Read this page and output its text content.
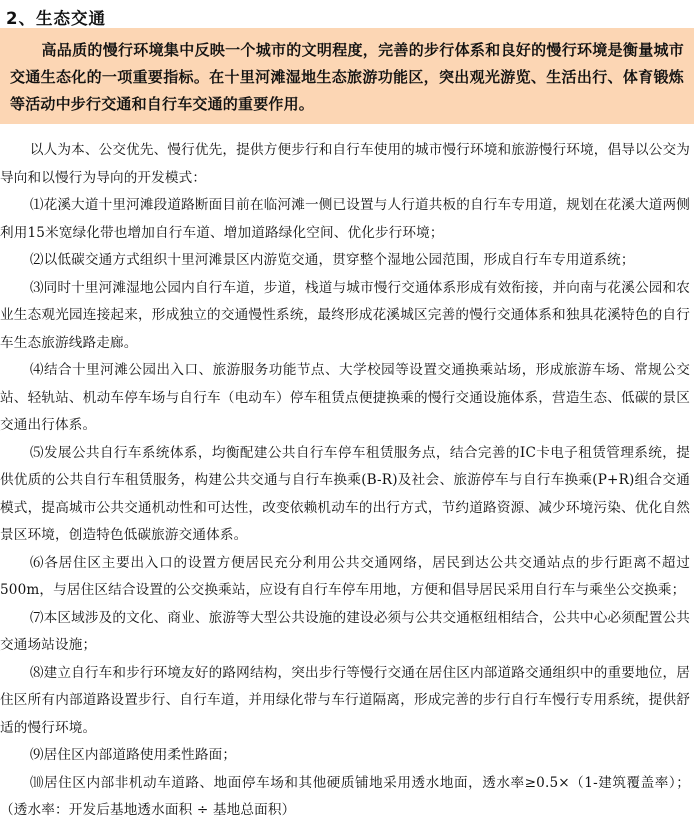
2、生态交通

高品质的慢行环境集中反映一个城市的文明程度，完善的步行体系和良好的慢行环境是衡量城市交通生态化的一项重要指标。在十里河滩湿地生态旅游功能区，突出观光游览、生活出行、体育锻炼等活动中步行交通和自行车交通的重要作用。

以人为本、公交优先、慢行优先，提供方便步行和自行车使用的城市慢行环境和旅游慢行环境，倡导以公交为导向和以慢行为导向的开发模式：

⑴花溪大道十里河滩段道路断面目前在临河滩一侧已设置与人行道共板的自行车专用道，规划在花溪大道两侧利用15米宽绿化带也增加自行车道、增加道路绿化空间、优化步行环境；

⑵以低碳交通方式组织十里河滩景区内游览交通，贯穿整个湿地公园范围，形成自行车专用道系统；

⑶同时十里河滩湿地公园内自行车道，步道，栈道与城市慢行交通体系形成有效衔接，并向南与花溪公园和农业生态观光园连接起来，形成独立的交通慢性系统，最终形成花溪城区完善的慢行交通体系和独具花溪特色的自行车生态旅游线路走廊。

⑷结合十里河滩公园出入口、旅游服务功能节点、大学校园等设置交通换乘站场，形成旅游车场、常规公交站、轻轨站、机动车停车场与自行车（电动车）停车租赁点便捷换乘的慢行交通设施体系，营造生态、低碳的景区交通出行体系。

⑸发展公共自行车系统体系，均衡配建公共自行车停车租赁服务点，结合完善的IC卡电子租赁管理系统，提供优质的公共自行车租赁服务，构建公共交通与自行车换乘(B-R)及社会、旅游停车与自行车换乘(P+R)组合交通模式，提高城市公共交通机动性和可达性，改变依赖机动车的出行方式，节约道路资源、减少环境污染、优化自然景区环境，创造特色低碳旅游交通体系。

⑹各居住区主要出入口的设置方便居民充分利用公共交通网络，居民到达公共交通站点的步行距离不超过500m，与居住区结合设置的公交换乘站，应设有自行车停车用地，方便和倡导居民采用自行车与乘坐公交换乘；

⑺本区域涉及的文化、商业、旅游等大型公共设施的建设必须与公共交通枢纽相结合，公共中心必须配置公共交通场站设施；

⑻建立自行车和步行环境友好的路网结构，突出步行等慢行交通在居住区内部道路交通组织中的重要地位，居住区所有内部道路设置步行、自行车道，并用绿化带与车行道隔离，形成完善的步行自行车慢行专用系统，提供舒适的慢行环境。

⑼居住区内部道路使用柔性路面；

⑽居住区内部非机动车道路、地面停车场和其他硬质铺地采用透水地面，透水率≥0.5×（1-建筑覆盖率）；（透水率：开发后基地透水面积 ÷ 基地总面积）
